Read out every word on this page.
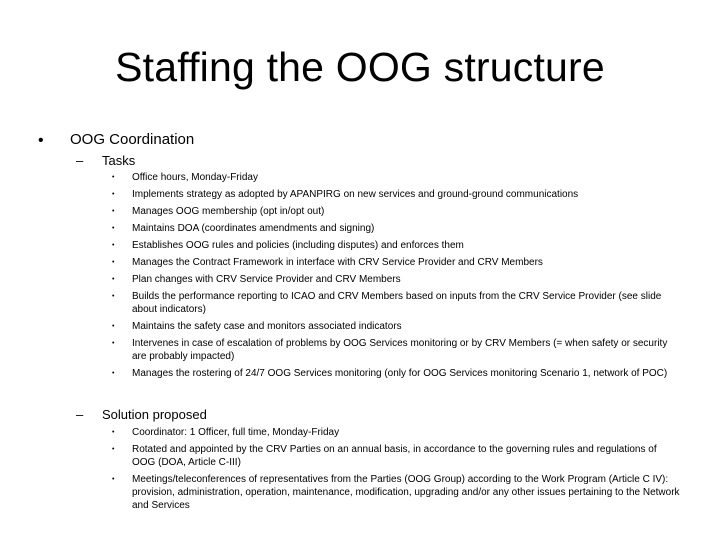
Staffing the OOG structure
• OOG Coordination
– Tasks
• Office hours, Monday-Friday
• Implements strategy as adopted by APANPIRG on new services and ground-ground communications
• Manages OOG membership (opt in/opt out)
• Maintains DOA (coordinates amendments and signing)
• Establishes OOG rules and policies (including disputes) and enforces them
• Manages the Contract Framework in interface with CRV Service Provider and CRV Members
• Plan changes with CRV Service Provider and CRV Members
• Builds the performance reporting to ICAO and CRV Members based on inputs from the CRV Service Provider (see slide about indicators)
• Maintains the safety case and monitors associated indicators
• Intervenes in case of escalation of problems by OOG Services monitoring or by CRV Members (= when safety or security are probably impacted)
• Manages the rostering of 24/7 OOG Services monitoring (only for OOG Services monitoring Scenario 1, network of POC)
– Solution proposed
• Coordinator: 1 Officer, full time, Monday-Friday
• Rotated and appointed by the CRV Parties on an annual basis, in accordance to the governing rules and regulations of OOG (DOA, Article C-III)
• Meetings/teleconferences of representatives from the Parties (OOG Group) according to the Work Program (Article C IV): provision, administration, operation, maintenance, modification, upgrading and/or any other issues pertaining to the Network and Services
